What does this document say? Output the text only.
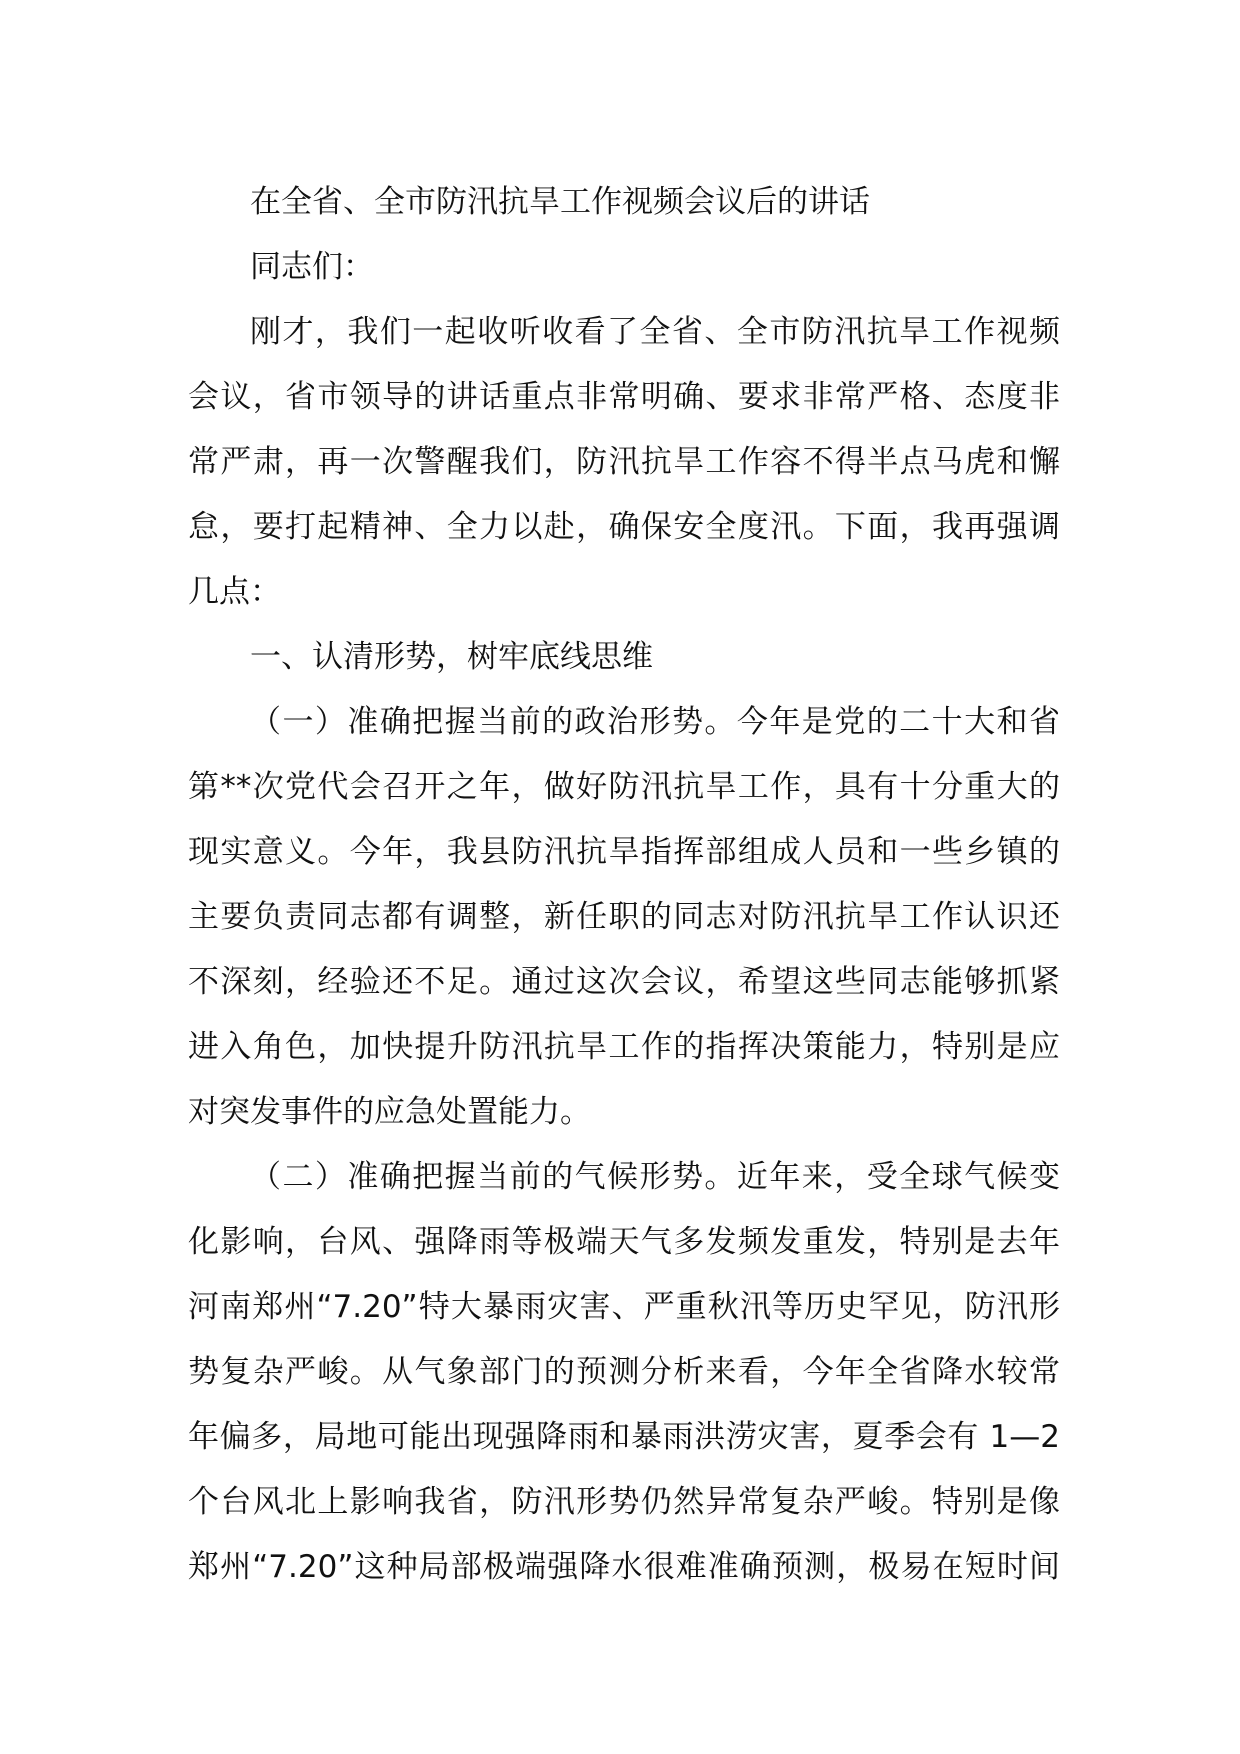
在全省、全市防汛抗旱工作视频会议后的讲话
同志们：
刚才，我们一起收听收看了全省、全市防汛抗旱工作视频
会议，省市领导的讲话重点非常明确、要求非常严格、态度非
常严肃，再一次警醒我们，防汛抗旱工作容不得半点马虎和懈
怠，要打起精神、全力以赴，确保安全度汛。下面，我再强调
几点：
一、认清形势，树牢底线思维
（一）准确把握当前的政治形势。今年是党的二十大和省
第**次党代会召开之年，做好防汛抗旱工作，具有十分重大的
现实意义。今年，我县防汛抗旱指挥部组成人员和一些乡镇的
主要负责同志都有调整，新任职的同志对防汛抗旱工作认识还
不深刻，经验还不足。通过这次会议，希望这些同志能够抓紧
进入角色，加快提升防汛抗旱工作的指挥决策能力，特别是应
对突发事件的应急处置能力。
（二）准确把握当前的气候形势。近年来，受全球气候变
化影响，台风、强降雨等极端天气多发频发重发，特别是去年
河南郑州“7.20”特大暴雨灾害、严重秋汛等历史罕见，防汛形
势复杂严峻。从气象部门的预测分析来看，今年全省降水较常
年偏多，局地可能出现强降雨和暴雨洪涝灾害，夏季会有 1—2
个台风北上影响我省，防汛形势仍然异常复杂严峻。特别是像
郑州“7.20”这种局部极端强降水很难准确预测，极易在短时间
